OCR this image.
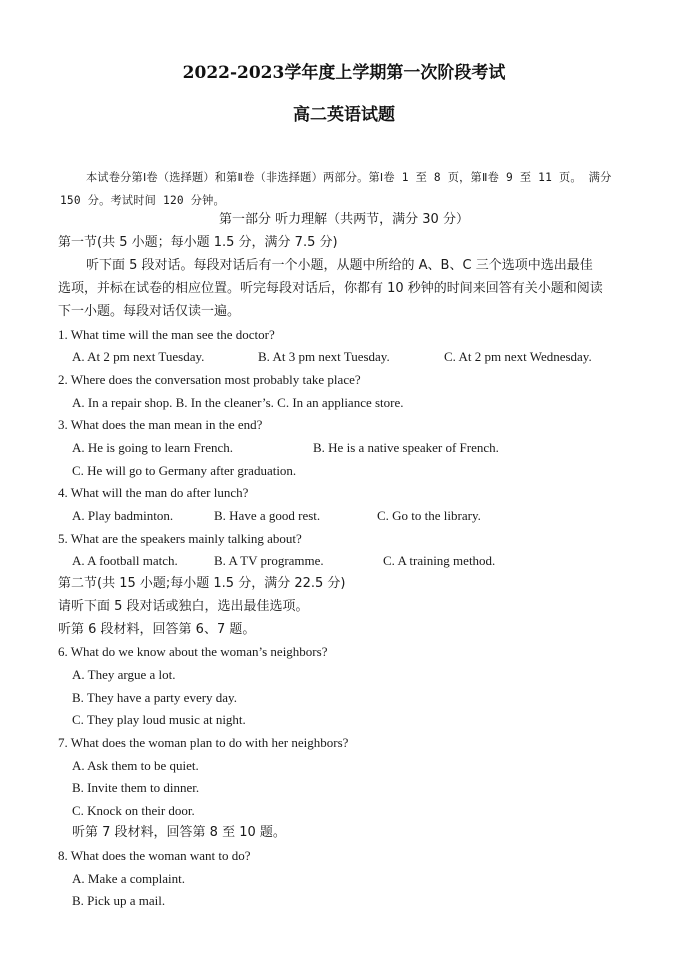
2022-2023学年度上学期第一次阶段考试
高二英语试题
本试卷分第Ⅰ卷（选择题）和第Ⅱ卷（非选择题）两部分。第Ⅰ卷 1 至 8 页，第Ⅱ卷 9 至 11 页。 满分 150 分。考试时间 120 分钟。
第一部分 听力理解（共两节，满分 30 分）
第一节(共 5 小题；每小题 1.5 分，满分 7.5 分)
听下面 5 段对话。每段对话后有一个小题，从题中所给的 A、B、C 三个选项中选出最佳
选项，并标在试卷的相应位置。听完每段对话后，你都有 10 秒钟的时间来回答有关小题和阅读
下一小题。每段对话仅读一遍。
1. What time will the man see the doctor?
A. At 2 pm next Tuesday.	B. At 3 pm next Tuesday.	C. At 2 pm next Wednesday.
2. Where does the conversation most probably take place?
A. In a repair shop. B. In the cleaner’s. C. In an appliance store.
3. What does the man mean in the end?
A. He is going to learn French.	B. He is a native speaker of French.
C. He will go to Germany after graduation.
4. What will the man do after lunch?
A. Play badminton.	B. Have a good rest.	C. Go to the library.
5. What are the speakers mainly talking about?
A. A football match.	B. A TV programme.	C. A training method.
第二节(共 15 小题;每小题 1.5 分，满分 22.5 分)
请听下面 5 段对话或独白，选出最佳选项。
听第 6 段材料，回答第 6、7 题。
6. What do we know about the woman’s neighbors?
A. They argue a lot.
B. They have a party every day.
C. They play loud music at night.
7. What does the woman plan to do with her neighbors?
A. Ask them to be quiet.
B. Invite them to dinner.
C. Knock on their door.
听第 7 段材料，回答第 8 至 10 题。
8. What does the woman want to do?
A. Make a complaint.
B. Pick up a mail.
